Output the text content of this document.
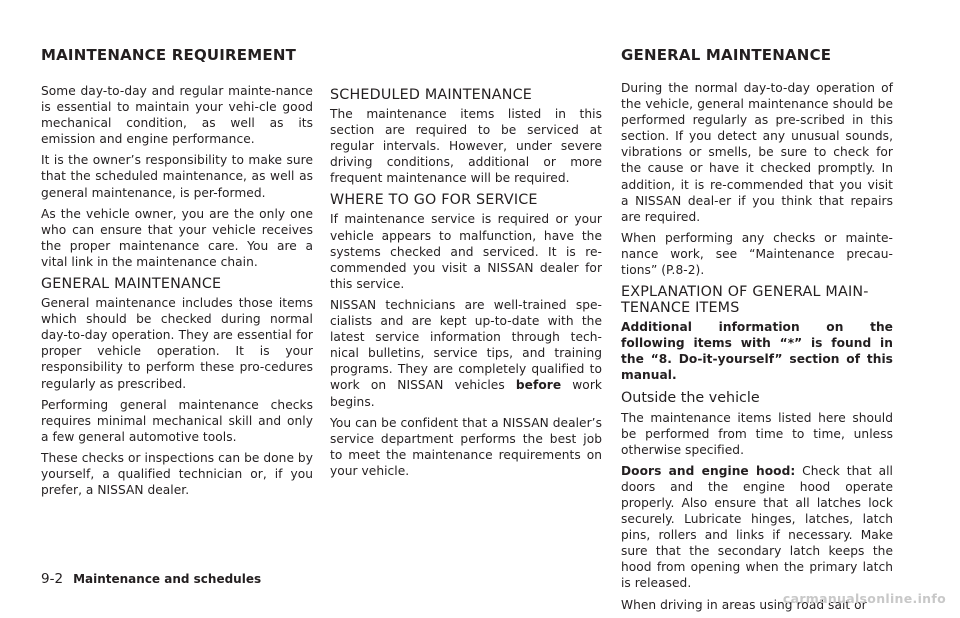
MAINTENANCE REQUIREMENT	GENERAL MAINTENANCE

Some day-to-day and regular mainte-nance is essential to maintain your vehi-cle good mechanical condition, as well as its emission and engine performance.

It is the owner’s responsibility to make sure that the scheduled maintenance, as well as general maintenance, is per-formed.

As the vehicle owner, you are the only one who can ensure that your vehicle receives the proper maintenance care. You are a vital link in the maintenance chain.

GENERAL MAINTENANCE

General maintenance includes those items which should be checked during normal day-to-day operation. They are essential for proper vehicle operation. It is your responsibility to perform these pro-cedures regularly as prescribed.

Performing general maintenance checks requires minimal mechanical skill and only a few general automotive tools.

These checks or inspections can be done by yourself, a qualified technician or, if you prefer, a NISSAN dealer.

SCHEDULED MAINTENANCE

The maintenance items listed in this section are required to be serviced at regular intervals. However, under severe driving conditions, additional or more frequent maintenance will be required.

WHERE TO GO FOR SERVICE

If maintenance service is required or your vehicle appears to malfunction, have the systems checked and serviced. It is re-commended you visit a NISSAN dealer for this service.

NISSAN technicians are well-trained spe-cialists and are kept up-to-date with the latest service information through tech-nical bulletins, service tips, and training programs. They are completely qualified to work on NISSAN vehicles before work begins.

You can be confident that a NISSAN dealer’s service department performs the best job to meet the maintenance requirements on your vehicle.

During the normal day-to-day operation of the vehicle, general maintenance should be performed regularly as pre-scribed in this section. If you detect any unusual sounds, vibrations or smells, be sure to check for the cause or have it checked promptly. In addition, it is re-commended that you visit a NISSAN deal-er if you think that repairs are required.

When performing any checks or mainte-nance work, see “Maintenance precau-tions” (P.8-2).

EXPLANATION OF GENERAL MAIN-TENANCE ITEMS

Additional information on the following items with “*” is found in the “8. Do-it-yourself” section of this manual.

Outside the vehicle

The maintenance items listed here should be performed from time to time, unless otherwise specified.

Doors and engine hood: Check that all doors and the engine hood operate properly. Also ensure that all latches lock securely. Lubricate hinges, latches, latch pins, rollers and links if necessary. Make sure that the secondary latch keeps the hood from opening when the primary latch is released.

When driving in areas using road salt or

9-2 Maintenance and schedules
carmanualsonline.info
